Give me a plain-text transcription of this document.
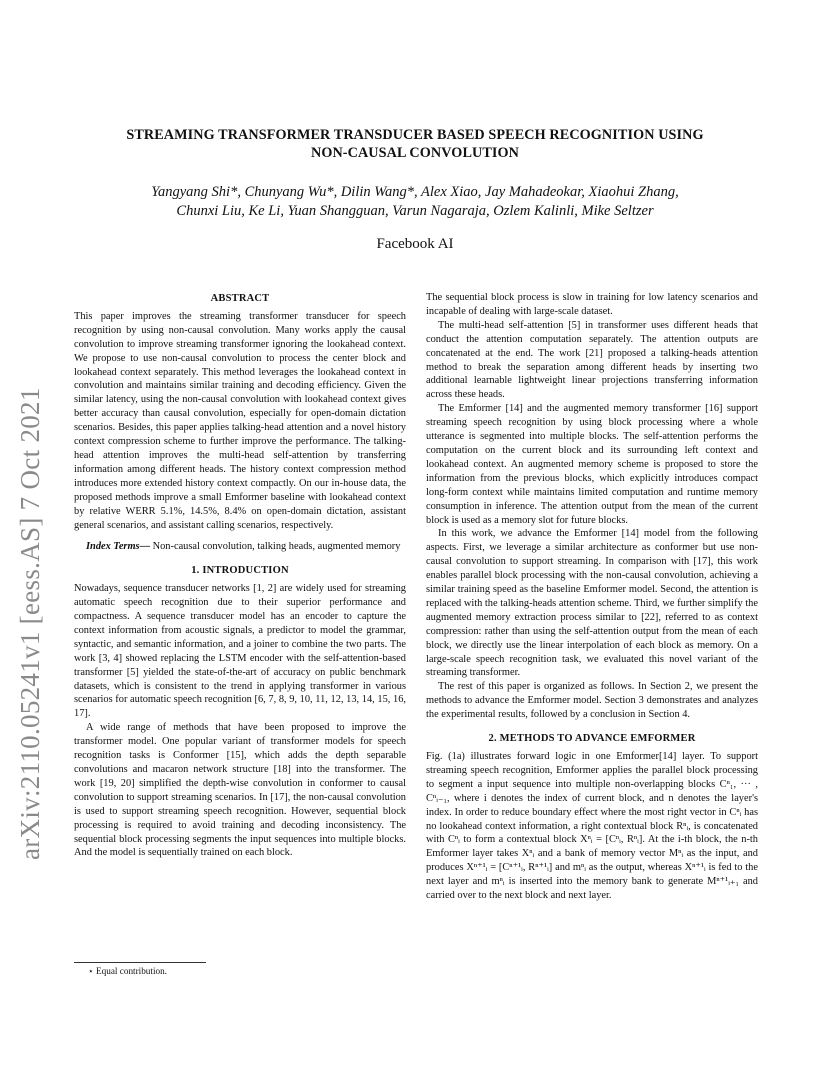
arXiv:2110.05241v1 [eess.AS] 7 Oct 2021
STREAMING TRANSFORMER TRANSDUCER BASED SPEECH RECOGNITION USING
NON-CAUSAL CONVOLUTION
Yangyang Shi*, Chunyang Wu*, Dilin Wang*, Alex Xiao, Jay Mahadeokar, Xiaohui Zhang,
Chunxi Liu, Ke Li, Yuan Shangguan, Varun Nagaraja, Ozlem Kalinli, Mike Seltzer
Facebook AI
ABSTRACT

This paper improves the streaming transformer transducer for speech recognition by using non-causal convolution. Many works apply the causal convolution to improve streaming transformer ignoring the lookahead context. We propose to use non-causal convolution to process the center block and lookahead context separately. This method leverages the lookahead context in convolution and maintains similar training and decoding efficiency. Given the similar latency, using the non-causal convolution with lookahead context gives better accuracy than causal convolution, especially for open-domain dictation scenarios. Besides, this paper applies talking-head attention and a novel history context compression scheme to further improve the performance. The talking-head attention improves the multi-head self-attention by transferring information among different heads. The history context compression method introduces more extended history context compactly. On our in-house data, the proposed methods improve a small Emformer baseline with lookahead context by relative WERR 5.1%, 14.5%, 8.4% on open-domain dictation, assistant general scenarios, and assistant calling scenarios, respectively.

Index Terms— Non-causal convolution, talking heads, augmented memory

1. INTRODUCTION

Nowadays, sequence transducer networks [1, 2] are widely used for streaming automatic speech recognition due to their superior performance and compactness. A sequence transducer model has an encoder to capture the context information from acoustic signals, a predictor to model the grammar, syntactic, and semantic information, and a joiner to combine the two parts. The work [3, 4] showed replacing the LSTM encoder with the self-attention-based transformer [5] yielded the state-of-the-art of accuracy on public benchmark datasets, which is consistent to the trend in applying transformer in various scenarios for automatic speech recognition [6, 7, 8, 9, 10, 11, 12, 13, 14, 15, 16, 17].

A wide range of methods that have been proposed to improve the transformer model. One popular variant of transformer models for speech recognition tasks is Conformer [15], which adds the depth separable convolutions and macaron network structure [18] into the transformer. The work [19, 20] simplified the depth-wise convolution in conformer to causal convolution to support streaming scenarios. In [17], the non-causal convolution is used to support streaming speech recognition. However, sequential block processing is required to avoid training and decoding inconsistency. The sequential block processing segments the input sequences into multiple blocks. And the model is sequentially trained on each block.

The sequential block process is slow in training for low latency scenarios and incapable of dealing with large-scale dataset.

The multi-head self-attention [5] in transformer uses different heads that conduct the attention computation separately. The attention outputs are concatenated at the end. The work [21] proposed a talking-heads attention method to break the separation among different heads by inserting two additional learnable lightweight linear projections transferring information across these heads.

The Emformer [14] and the augmented memory transformer [16] support streaming speech recognition by using block processing where a whole utterance is segmented into multiple blocks. The self-attention performs the computation on the current block and its surrounding left context and lookahead context. An augmented memory scheme is proposed to store the information from the previous blocks, which explicitly introduces compact long-form context while maintains limited computation and runtime memory consumption in inference. The attention output from the mean of the current block is used as a memory slot for future blocks.

In this work, we advance the Emformer [14] model from the following aspects. First, we leverage a similar architecture as conformer but use non-causal convolution to support streaming. In comparison with [17], this work enables parallel block processing with the non-causal convolution, achieving a similar training speed as the baseline Emformer model. Second, the attention is replaced with the talking-heads attention scheme. Third, we further simplify the augmented memory extraction process similar to [22], referred to as context compression: rather than using the self-attention output from the mean of each block, we directly use the linear interpolation of each block as memory. On a large-scale speech recognition task, we evaluated this novel variant of the streaming transformer.

The rest of this paper is organized as follows. In Section 2, we present the methods to advance the Emformer model. Section 3 demonstrates and analyzes the experimental results, followed by a conclusion in Section 4.

2. METHODS TO ADVANCE EMFORMER

Fig. (1a) illustrates forward logic in one Emformer[14] layer. To support streaming speech recognition, Emformer applies the parallel block processing to segment a input sequence into multiple non-overlapping blocks Cⁿ₁, ··· , Cⁿᵢ₋₁, where i denotes the index of current block, and n denotes the layer's index. In order to reduce boundary effect where the most right vector in Cⁿᵢ has no lookahead context information, a right contextual block Rⁿᵢ, is concatenated with Cⁿᵢ to form a contextual block Xⁿᵢ = [Cⁿᵢ, Rⁿᵢ]. At the i-th block, the n-th Emformer layer takes Xⁿᵢ and a bank of memory vector Mⁿᵢ as the input, and produces Xⁿ⁺¹ᵢ = [Cⁿ⁺¹ᵢ, Rⁿ⁺¹ᵢ] and mⁿᵢ as the output, whereas Xⁿ⁺¹ᵢ is fed to the next layer and mⁿᵢ is inserted into the memory bank to generate Mⁿ⁺¹ᵢ₊₁ and carried over to the next block and next layer.

⋆ Equal contribution.
